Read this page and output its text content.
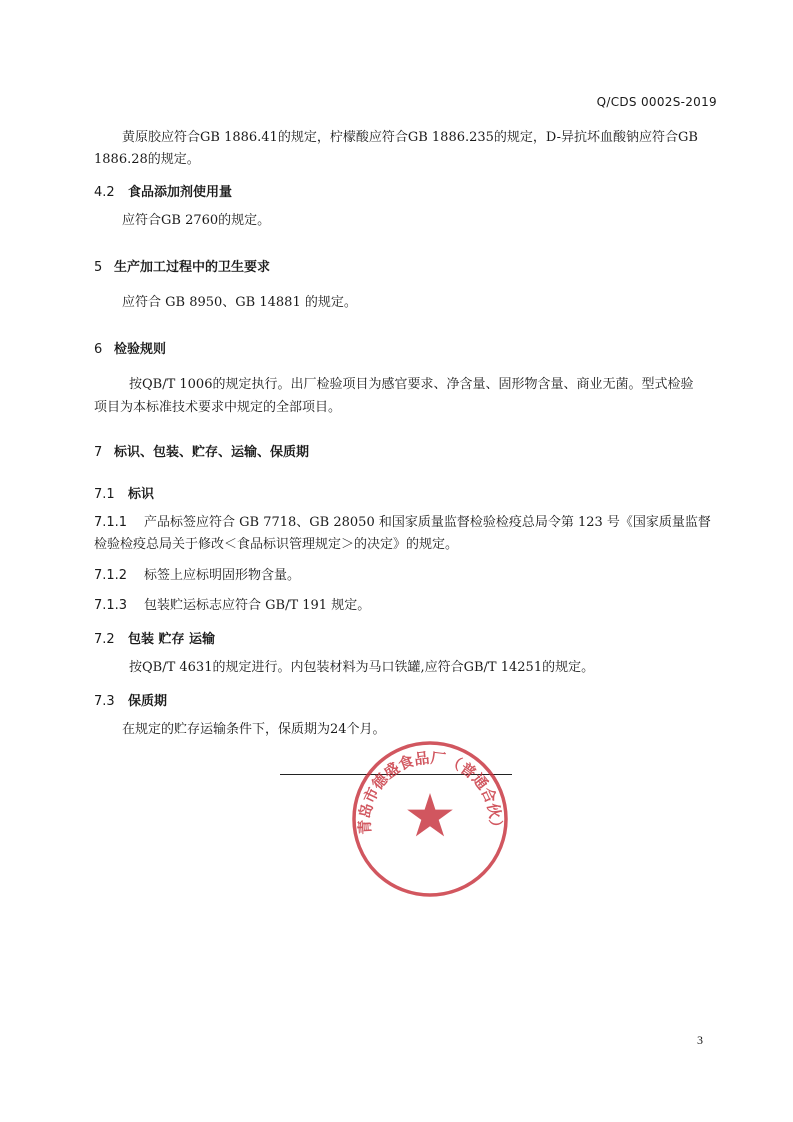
Q/CDS 0002S-2019
黄原胶应符合GB 1886.41的规定，柠檬酸应符合GB 1886.235的规定，D-异抗坏血酸钠应符合GB
1886.28的规定。
4.2 食品添加剂使用量
应符合GB 2760的规定。
5 生产加工过程中的卫生要求
应符合 GB 8950、GB 14881 的规定。
6 检验规则
按QB/T 1006的规定执行。出厂检验项目为感官要求、净含量、固形物含量、商业无菌。型式检验
项目为本标准技术要求中规定的全部项目。
7 标识、包装、贮存、运输、保质期
7.1 标识
7.1.1 产品标签应符合 GB 7718、GB 28050 和国家质量监督检验检疫总局令第 123 号《国家质量监督
检验检疫总局关于修改＜食品标识管理规定＞的决定》的规定。
7.1.2 标签上应标明固形物含量。
7.1.3 包装贮运标志应符合 GB/T 191 规定。
7.2 包装 贮存 运输
按QB/T 4631的规定进行。内包装材料为马口铁罐,应符合GB/T 14251的规定。
7.3 保质期
在规定的贮存运输条件下，保质期为24个月。
青岛市德盛食品厂（普通合伙）
3
